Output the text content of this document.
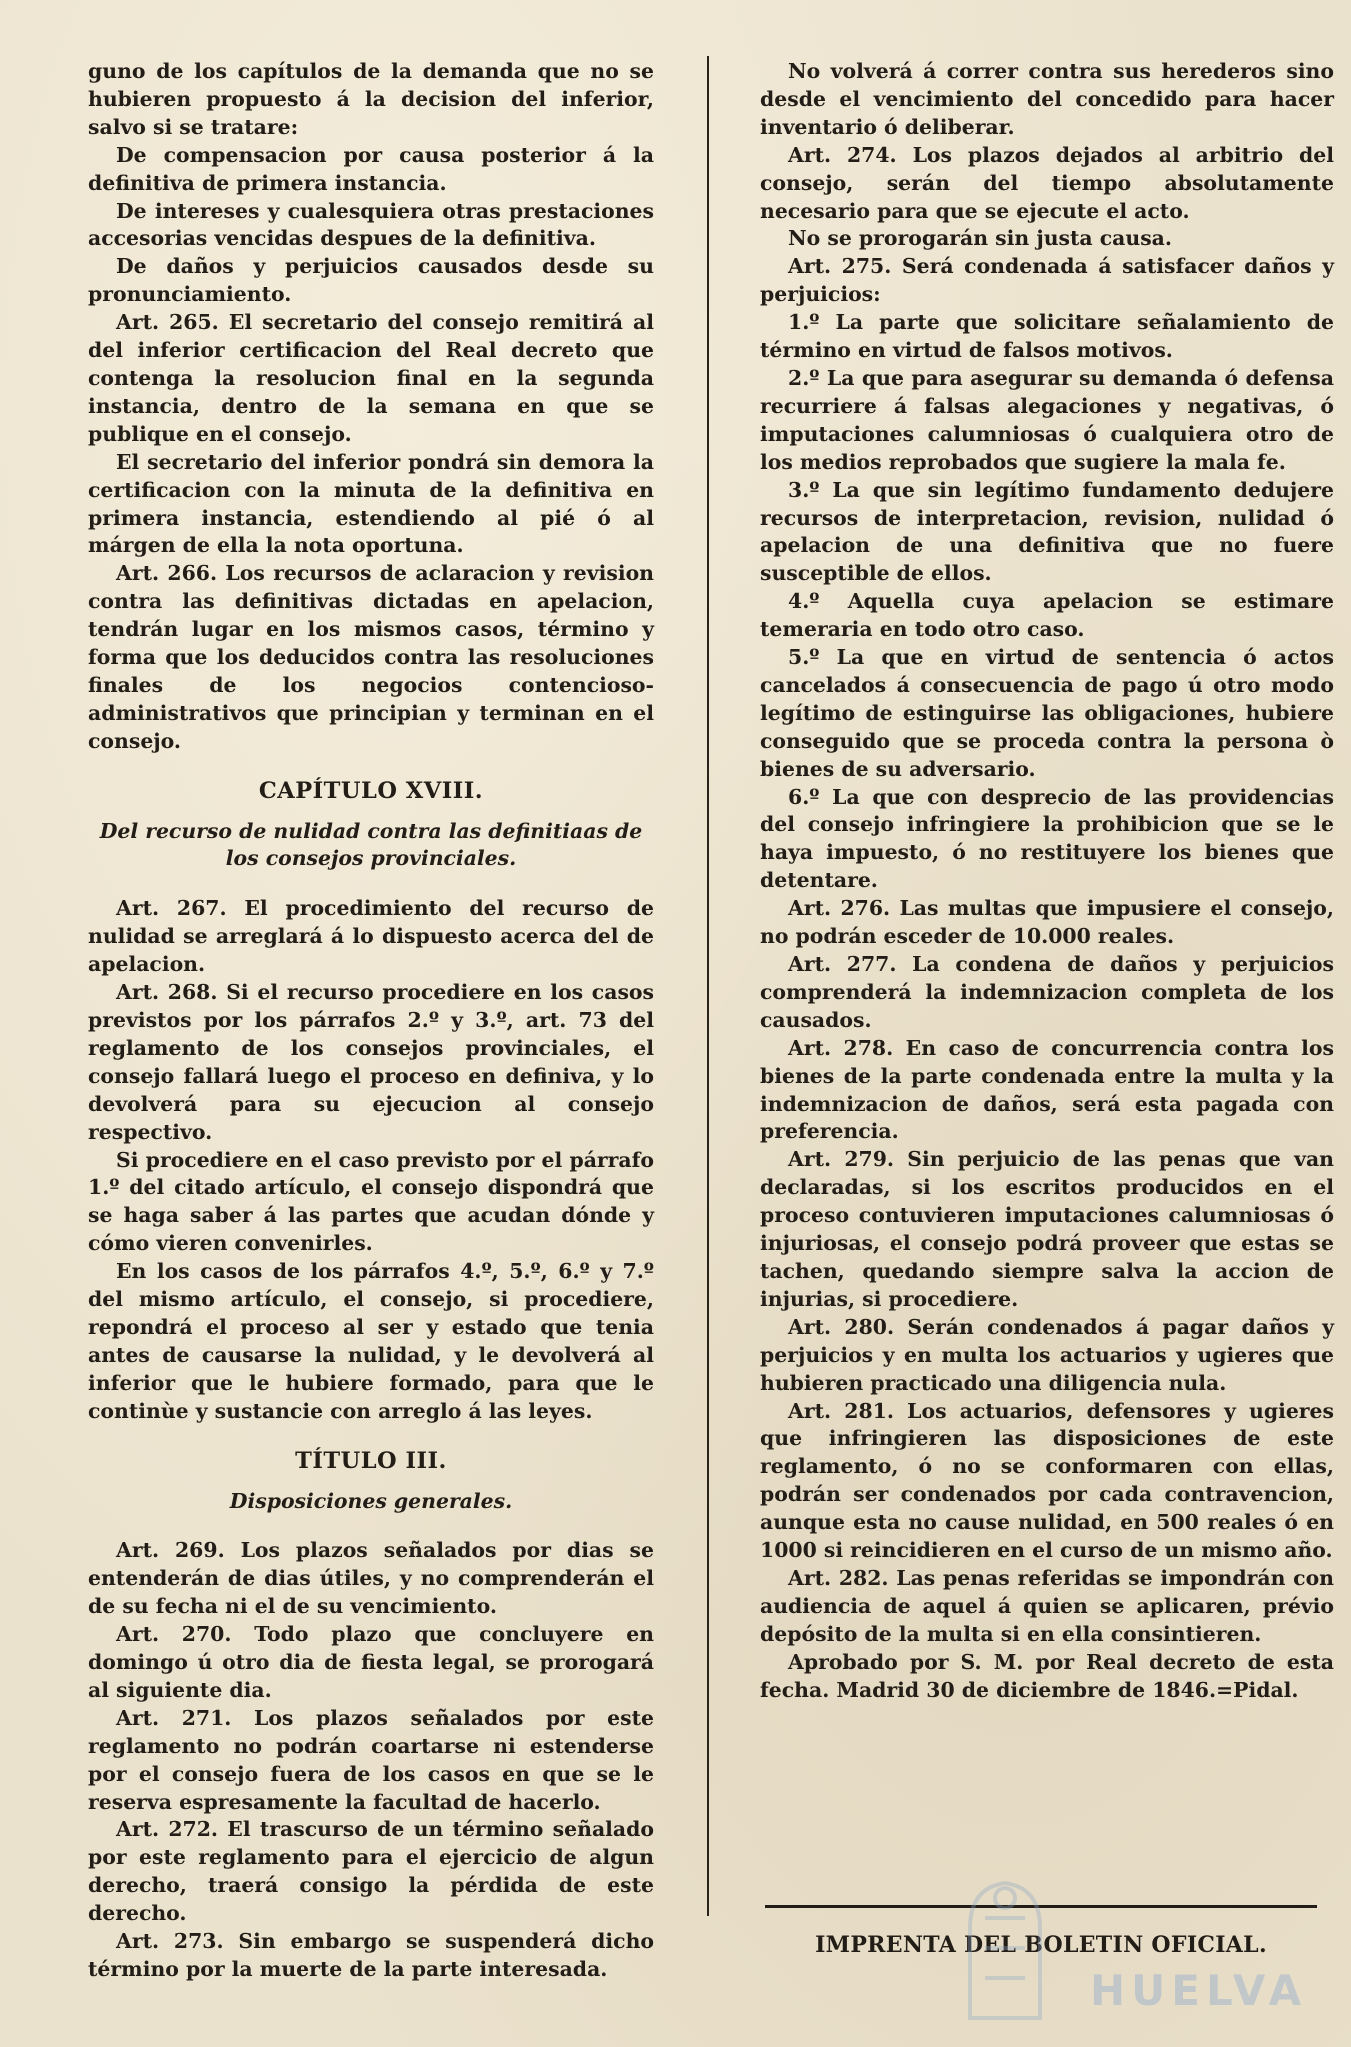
guno de los capítulos de la demanda que no se hubieren propuesto á la decision del inferior, salvo si se tratare:

De compensacion por causa posterior á la definitiva de primera instancia.

De intereses y cualesquiera otras prestaciones accesorias vencidas despues de la definitiva.

De daños y perjuicios causados desde su pronunciamiento.

Art. 265. El secretario del consejo remitirá al del inferior certificacion del Real decreto que contenga la resolucion final en la segunda instancia, dentro de la semana en que se publique en el consejo.

El secretario del inferior pondrá sin demora la certificacion con la minuta de la definitiva en primera instancia, estendiendo al pié ó al márgen de ella la nota oportuna.

Art. 266. Los recursos de aclaracion y revision contra las definitivas dictadas en apelacion, tendrán lugar en los mismos casos, término y forma que los deducidos contra las resoluciones finales de los negocios contencioso-administrativos que principian y terminan en el consejo.

CAPÍTULO XVIII.
Del recurso de nulidad contra las definitiaas de los consejos provinciales.

Art. 267. El procedimiento del recurso de nulidad se arreglará á lo dispuesto acerca del de apelacion.

Art. 268. Si el recurso procediere en los casos previstos por los párrafos 2.º y 3.º, art. 73 del reglamento de los consejos provinciales, el consejo fallará luego el proceso en definiva, y lo devolverá para su ejecucion al consejo respectivo.

Si procediere en el caso previsto por el párrafo 1.º del citado artículo, el consejo dispondrá que se haga saber á las partes que acudan dónde y cómo vieren convenirles.

En los casos de los párrafos 4.º, 5.º, 6.º y 7.º del mismo artículo, el consejo, si procediere, repondrá el proceso al ser y estado que tenia antes de causarse la nulidad, y le devolverá al inferior que le hubiere formado, para que le continùe y sustancie con arreglo á las leyes.

TÍTULO III.
Disposiciones generales.

Art. 269. Los plazos señalados por dias se entenderán de dias útiles, y no comprenderán el de su fecha ni el de su vencimiento.

Art. 270. Todo plazo que concluyere en domingo ú otro dia de fiesta legal, se prorogará al siguiente dia.

Art. 271. Los plazos señalados por este reglamento no podrán coartarse ni estenderse por el consejo fuera de los casos en que se le reserva espresamente la facultad de hacerlo.

Art. 272. El trascurso de un término señalado por este reglamento para el ejercicio de algun derecho, traerá consigo la pérdida de este derecho.

Art. 273. Sin embargo se suspenderá dicho término por la muerte de la parte interesada.

No volverá á correr contra sus herederos sino desde el vencimiento del concedido para hacer inventario ó deliberar.

Art. 274. Los plazos dejados al arbitrio del consejo, serán del tiempo absolutamente necesario para que se ejecute el acto.

No se prorogarán sin justa causa.

Art. 275. Será condenada á satisfacer daños y perjuicios:

1.º La parte que solicitare señalamiento de término en virtud de falsos motivos.

2.º La que para asegurar su demanda ó defensa recurriere á falsas alegaciones y negativas, ó imputaciones calumniosas ó cualquiera otro de los medios reprobados que sugiere la mala fe.

3.º La que sin legítimo fundamento dedujere recursos de interpretacion, revision, nulidad ó apelacion de una definitiva que no fuere susceptible de ellos.

4.º Aquella cuya apelacion se estimare temeraria en todo otro caso.

5.º La que en virtud de sentencia ó actos cancelados á consecuencia de pago ú otro modo legítimo de estinguirse las obligaciones, hubiere conseguido que se proceda contra la persona ò bienes de su adversario.

6.º La que con desprecio de las providencias del consejo infringiere la prohibicion que se le haya impuesto, ó no restituyere los bienes que detentare.

Art. 276. Las multas que impusiere el consejo, no podrán esceder de 10.000 reales.

Art. 277. La condena de daños y perjuicios comprenderá la indemnizacion completa de los causados.

Art. 278. En caso de concurrencia contra los bienes de la parte condenada entre la multa y la indemnizacion de daños, será esta pagada con preferencia.

Art. 279. Sin perjuicio de las penas que van declaradas, si los escritos producidos en el proceso contuvieren imputaciones calumniosas ó injuriosas, el consejo podrá proveer que estas se tachen, quedando siempre salva la accion de injurias, si procediere.

Art. 280. Serán condenados á pagar daños y perjuicios y en multa los actuarios y ugieres que hubieren practicado una diligencia nula.

Art. 281. Los actuarios, defensores y ugieres que infringieren las disposiciones de este reglamento, ó no se conformaren con ellas, podrán ser condenados por cada contravencion, aunque esta no cause nulidad, en 500 reales ó en 1000 si reincidieren en el curso de un mismo año.

Art. 282. Las penas referidas se impondrán con audiencia de aquel á quien se aplicaren, prévio depósito de la multa si en ella consintieren.

Aprobado por S. M. por Real decreto de esta fecha. Madrid 30 de diciembre de 1846.=Pidal.

IMPRENTA DEL BOLETIN OFICIAL.
HUELVA
